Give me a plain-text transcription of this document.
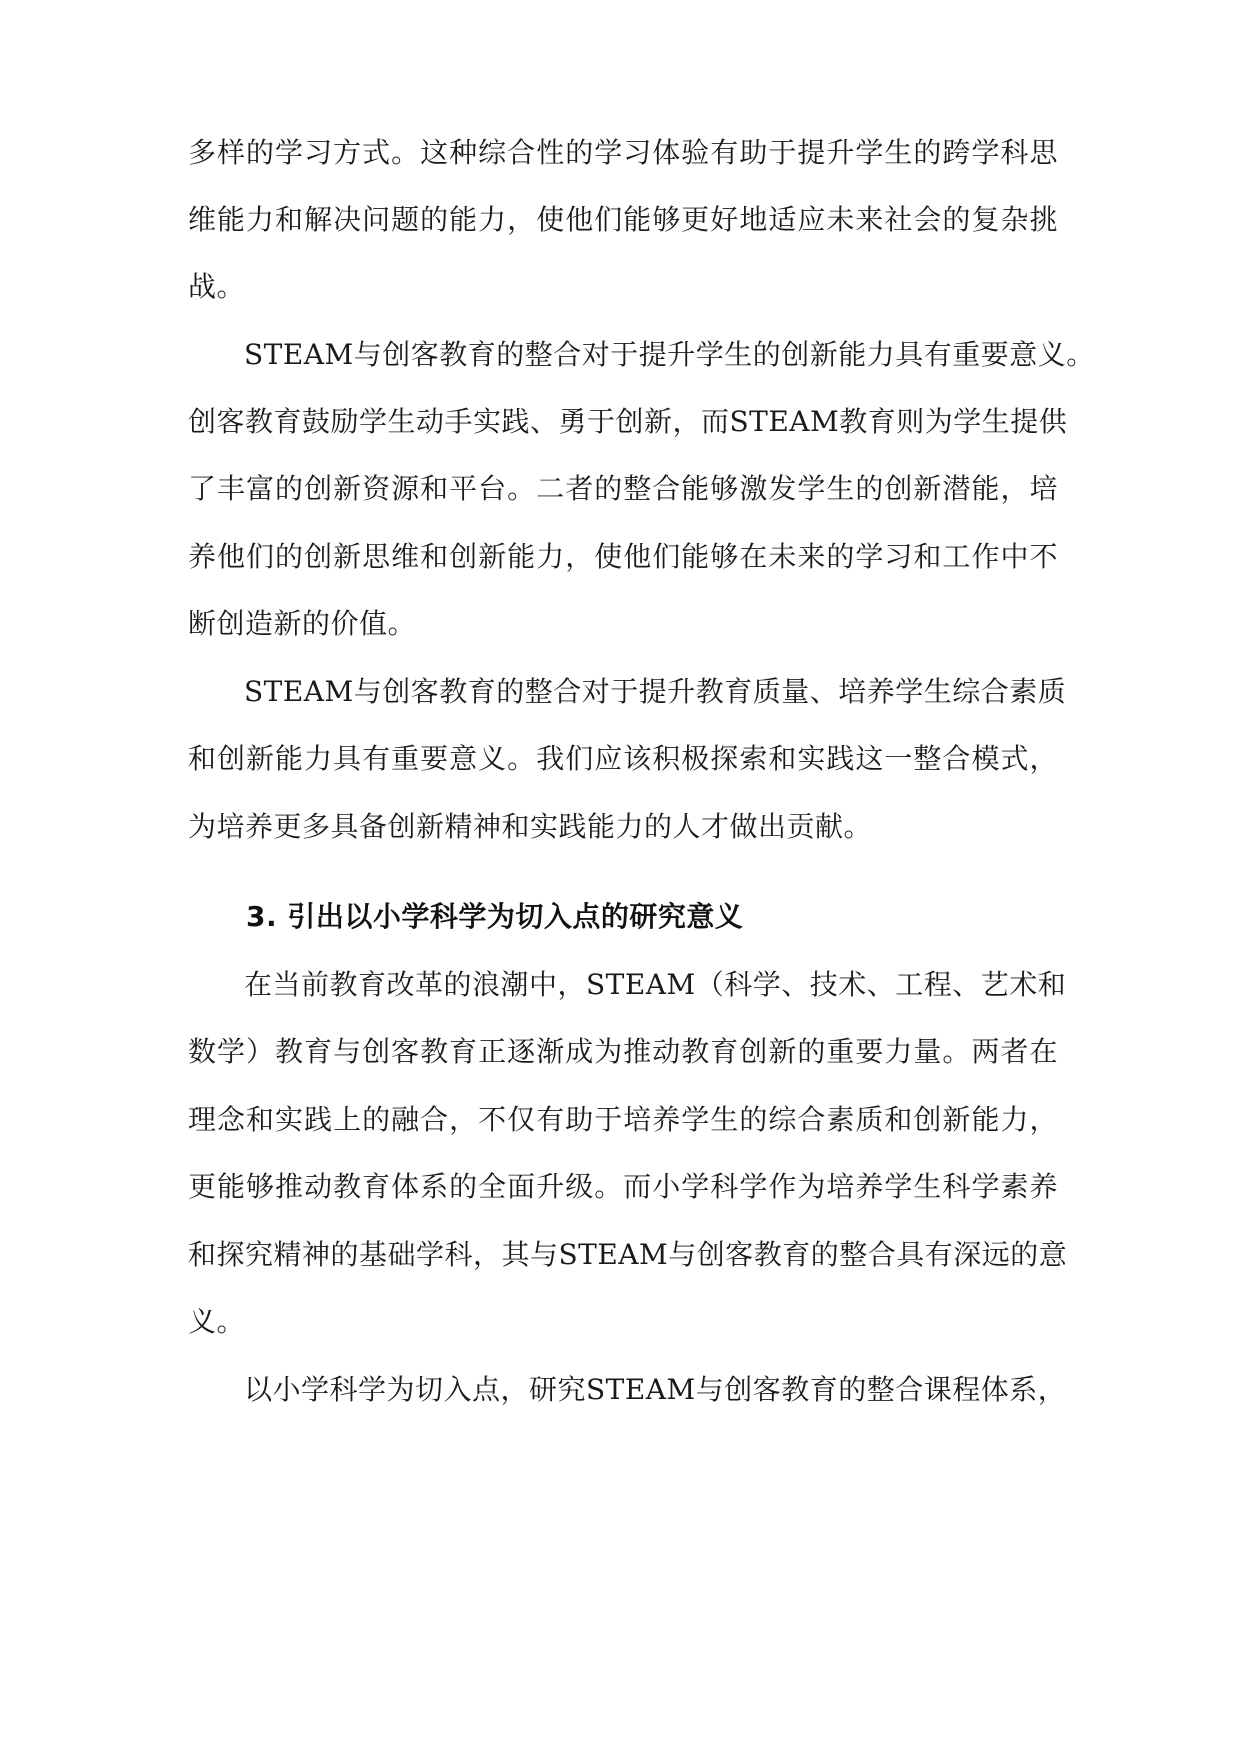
多样的学习方式。这种综合性的学习体验有助于提升学生的跨学科思
维能力和解决问题的能力，使他们能够更好地适应未来社会的复杂挑
战。
STEAM与创客教育的整合对于提升学生的创新能力具有重要意义。
创客教育鼓励学生动手实践、勇于创新，而STEAM教育则为学生提供
了丰富的创新资源和平台。二者的整合能够激发学生的创新潜能，培
养他们的创新思维和创新能力，使他们能够在未来的学习和工作中不
断创造新的价值。
STEAM与创客教育的整合对于提升教育质量、培养学生综合素质
和创新能力具有重要意义。我们应该积极探索和实践这一整合模式，
为培养更多具备创新精神和实践能力的人才做出贡献。
3. 引出以小学科学为切入点的研究意义
在当前教育改革的浪潮中，STEAM（科学、技术、工程、艺术和
数学）教育与创客教育正逐渐成为推动教育创新的重要力量。两者在
理念和实践上的融合，不仅有助于培养学生的综合素质和创新能力，
更能够推动教育体系的全面升级。而小学科学作为培养学生科学素养
和探究精神的基础学科，其与STEAM与创客教育的整合具有深远的意
义。
以小学科学为切入点，研究STEAM与创客教育的整合课程体系，
